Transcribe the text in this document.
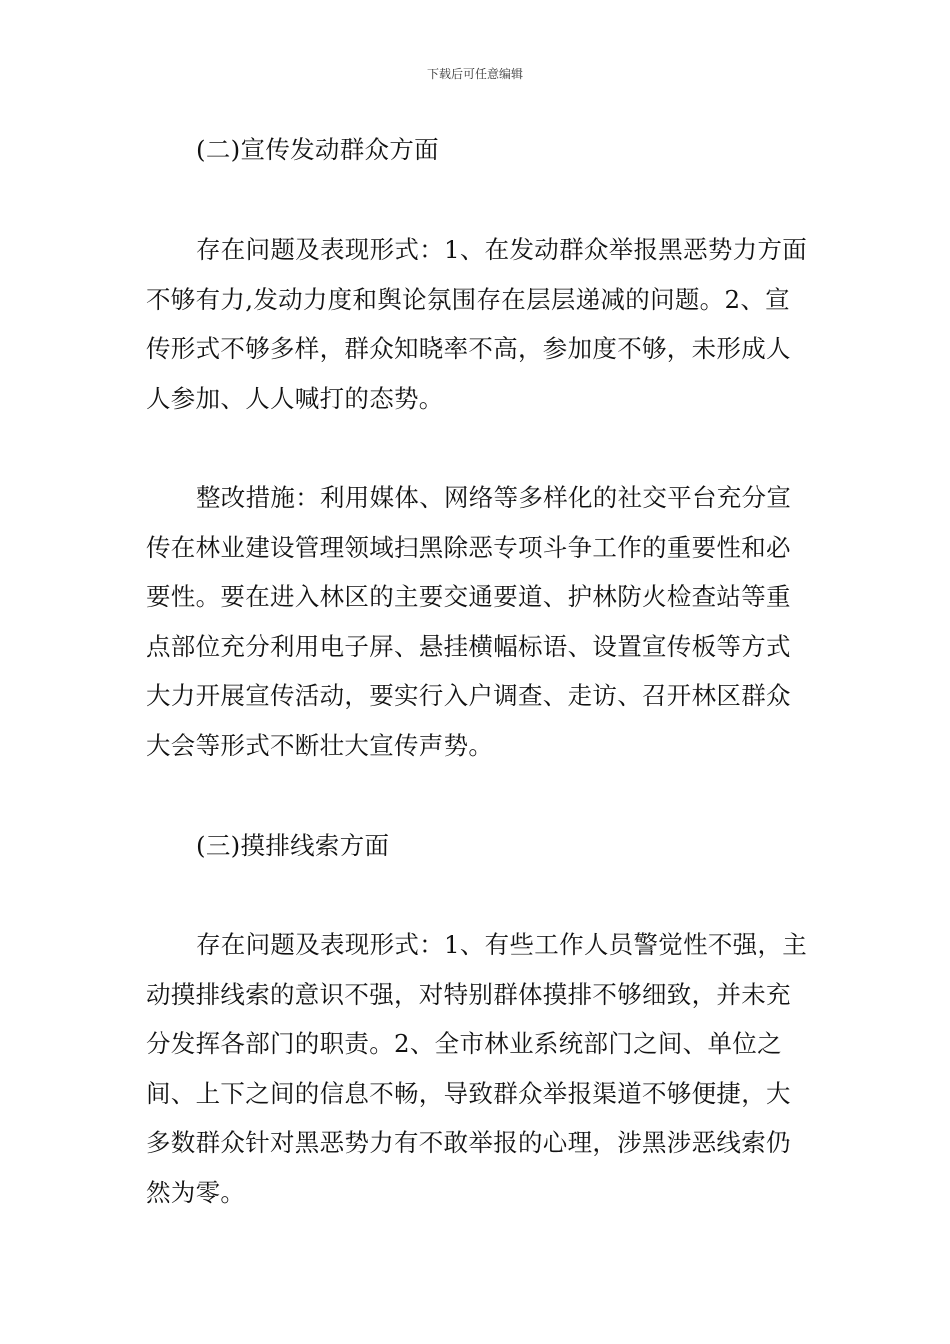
下载后可任意编辑
(二)宣传发动群众方面

存在问题及表现形式：1、在发动群众举报黑恶势力方面不够有力,发动力度和舆论氛围存在层层递减的问题。2、宣传形式不够多样，群众知晓率不高，参加度不够，未形成人人参加、人人喊打的态势。

整改措施：利用媒体、网络等多样化的社交平台充分宣传在林业建设管理领域扫黑除恶专项斗争工作的重要性和必要性。要在进入林区的主要交通要道、护林防火检查站等重点部位充分利用电子屏、悬挂横幅标语、设置宣传板等方式大力开展宣传活动，要实行入户调查、走访、召开林区群众大会等形式不断壮大宣传声势。

(三)摸排线索方面

存在问题及表现形式：1、有些工作人员警觉性不强，主动摸排线索的意识不强，对特别群体摸排不够细致，并未充分发挥各部门的职责。2、全市林业系统部门之间、单位之间、上下之间的信息不畅，导致群众举报渠道不够便捷，大多数群众针对黑恶势力有不敢举报的心理，涉黑涉恶线索仍然为零。
